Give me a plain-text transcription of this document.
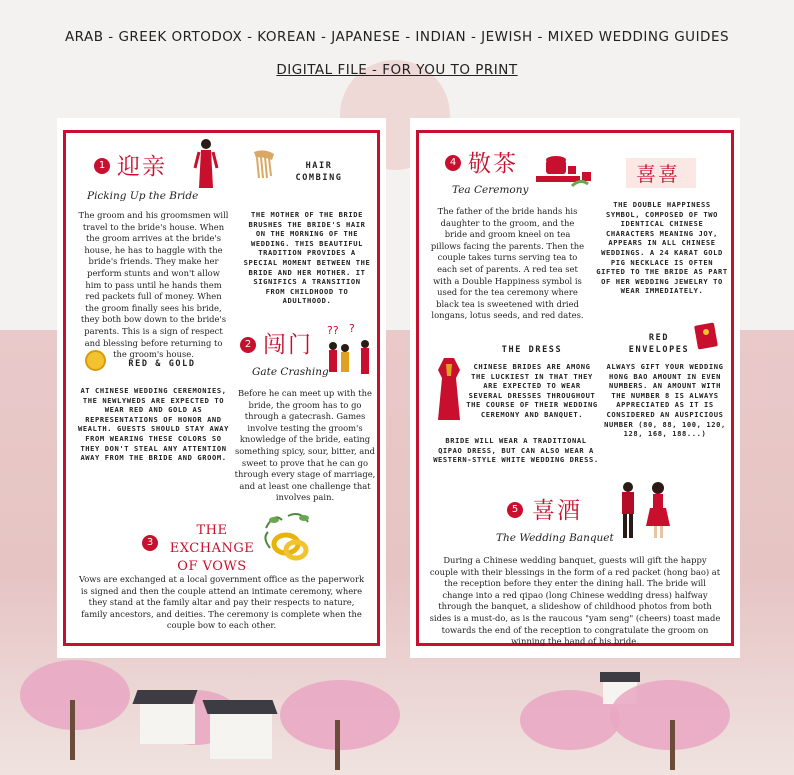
ARAB - GREEK ORTODOX - KOREAN - JAPANESE - INDIAN - JEWISH - MIXED WEDDING GUIDES
DIGITAL FILE - FOR YOU TO PRINT
1 迎亲
Picking Up the Bride
The groom and his groomsmen will travel to the bride's house. When the groom arrives at the bride's house, he has to haggle with the bride's friends. They make her perform stunts and won't allow him to pass until he hands them red packets full of money. When the groom finally sees his bride, they both bow down to the bride's parents. This is a sign of respect and blessing before returning to the groom's house.
HAIR COMBING
THE MOTHER OF THE BRIDE BRUSHES THE BRIDE'S HAIR ON THE MORNING OF THE WEDDING. THIS BEAUTIFUL TRADITION PROVIDES A SPECIAL MOMENT BETWEEN THE BRIDE AND HER MOTHER. IT SIGNIFICS A TRANSITION FROM CHILDHOOD TO ADULTHOOD.
RED & GOLD
AT CHINESE WEDDING CEREMONIES, THE NEWLYWEDS ARE EXPECTED TO WEAR RED AND GOLD AS REPRESENTATIONS OF HONOR AND WEALTH. GUESTS SHOULD STAY AWAY FROM WEARING THESE COLORS SO THEY DON'T STEAL ANY ATTENTION AWAY FROM THE BRIDE AND GROOM.
2 闯门
?? ?
Gate Crashing
Before he can meet up with the bride, the groom has to go through a gatecrash. Games involve testing the groom's knowledge of the bride, eating something spicy, sour, bitter, and sweet to prove that he can go through every stage of marriage, and at least one challenge that involves pain.
3
THE EXCHANGE
OF VOWS
Vows are exchanged at a local government office as the paperwork is signed and then the couple attend an intimate ceremony, where they stand at the family altar and pay their respects to nature, family ancestors, and deities. The ceremony is complete when the couple bow to each other.
4 敬茶
Tea Ceremony
The father of the bride hands his daughter to the groom, and the bride and groom kneel on tea pillows facing the parents. Then the couple takes turns serving tea to each set of parents. A red tea set with a Double Happiness symbol is used for the tea ceremony where black tea is sweetened with dried longans, lotus seeds, and red dates.
喜喜
THE DOUBLE HAPPINESS SYMBOL, COMPOSED OF TWO IDENTICAL CHINESE CHARACTERS MEANING JOY, APPEARS IN ALL CHINESE WEDDINGS. A 24 KARAT GOLD PIG NECKLACE IS OFTEN GIFTED TO THE BRIDE AS PART OF HER WEDDING JEWELRY TO WEAR IMMEDIATELY.
THE DRESS
CHINESE BRIDES ARE AMONG THE LUCKIEST IN THAT THEY ARE EXPECTED TO WEAR SEVERAL DRESSES THROUGHOUT THE COURSE OF THEIR WEDDING CEREMONY AND BANQUET.
BRIDE WILL WEAR A TRADITIONAL QIPAO DRESS, BUT CAN ALSO WEAR A WESTERN-STYLE WHITE WEDDING DRESS.
RED ENVELOPES
ALWAYS GIFT YOUR WEDDING HONG BAO AMOUNT IN EVEN NUMBERS. AN AMOUNT WITH THE NUMBER 8 IS ALWAYS APPRECIATED AS IT IS CONSIDERED AN AUSPICIOUS NUMBER (80, 88, 100, 120, 128, 168, 188...)
5 喜酒
The Wedding Banquet
During a Chinese wedding banquet, guests will gift the happy couple with their blessings in the form of a red packet (hong bao) at the reception before they enter the dining hall. The bride will change into a red qipao (long Chinese wedding dress) halfway through the banquet, a slideshow of childhood photos from both sides is a must-do, as is the raucous "yam seng" (cheers) toast made towards the end of the reception to congratulate the groom on winning the hand of his bride.
